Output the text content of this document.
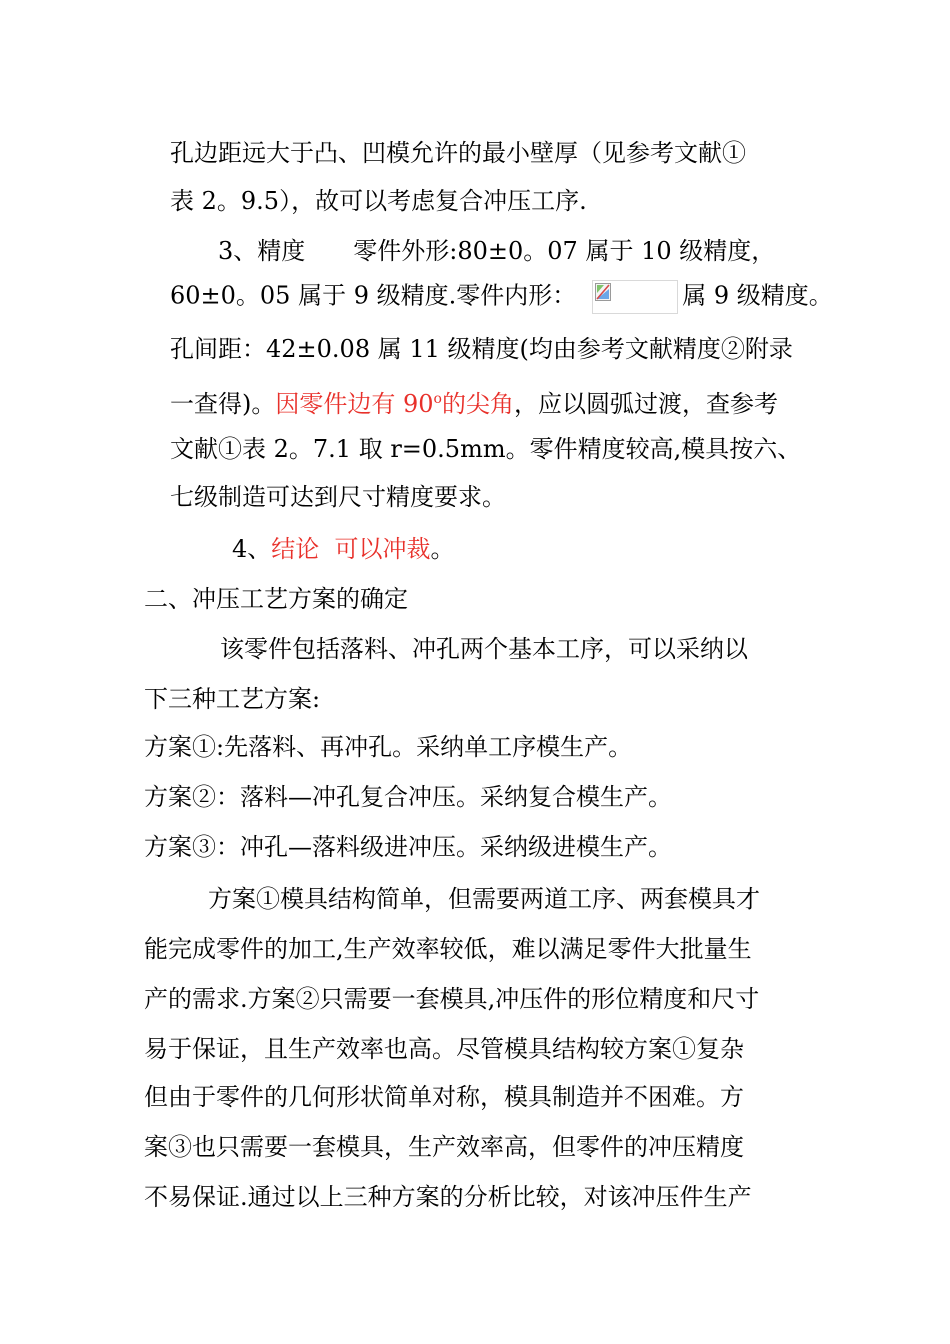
孔边距远大于凸、凹模允许的最小壁厚（见参考文献①
表 2。9.5），故可以考虑复合冲压工序.
3、精度　　零件外形:80±0。07 属于 10 级精度，
60±0。05 属于 9 级精度.零件内形：	属 9 级精度。
孔间距：42±0.08 属 11 级精度(均由参考文献精度②附录
一查得)。因零件边有 90$^o$的尖角，应以圆弧过渡，查参考
文献①表 2。7.1 取 r=0.5mm。零件精度较高,模具按六、
七级制造可达到尺寸精度要求。
4、结论  可以冲裁。
二、冲压工艺方案的确定
该零件包括落料、冲孔两个基本工序，可以采纳以
下三种工艺方案:
方案①:先落料、再冲孔。采纳单工序模生产。
方案②：落料—冲孔复合冲压。采纳复合模生产。
方案③：冲孔—落料级进冲压。采纳级进模生产。
方案①模具结构简单，但需要两道工序、两套模具才
能完成零件的加工,生产效率较低，难以满足零件大批量生
产的需求.方案②只需要一套模具,冲压件的形位精度和尺寸
易于保证，且生产效率也高。尽管模具结构较方案①复杂
但由于零件的几何形状简单对称，模具制造并不困难。方
案③也只需要一套模具，生产效率高，但零件的冲压精度
不易保证.通过以上三种方案的分析比较，对该冲压件生产
